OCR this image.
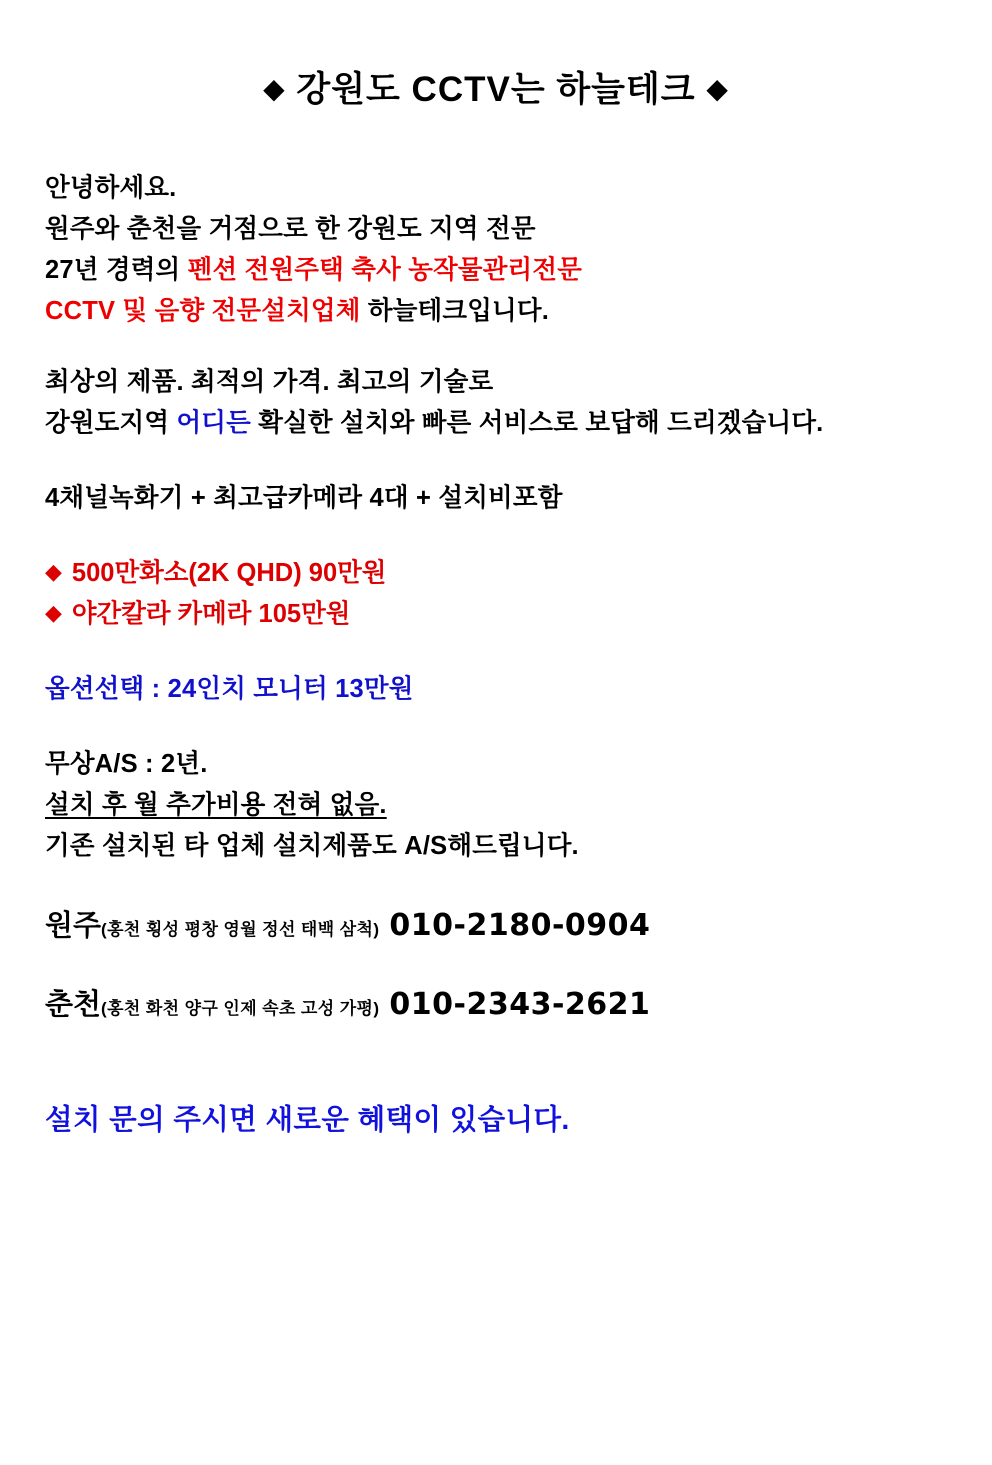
◆ 강원도 CCTV는 하늘테크 ◆
안녕하세요.
원주와 춘천을 거점으로 한 강원도 지역 전문
27년 경력의 펜션 전원주택 축사 농작물관리전문
CCTV 및 음향 전문설치업체 하늘테크입니다.
최상의 제품. 최적의 가격. 최고의 기술로
강원도지역 어디든 확실한 설치와 빠른 서비스로 보답해 드리겠습니다.
4채널녹화기 + 최고급카메라 4대 + 설치비포함
◆ 500만화소(2K QHD) 90만원
◆ 야간칼라 카메라 105만원
옵션선택 : 24인치 모니터 13만원
무상A/S : 2년.
설치 후 월 추가비용 전혀 없음.
기존 설치된 타 업체 설치제품도 A/S해드립니다.
원주(홍천 횡성 평창 영월 정선 태백 삼척) 010-2180-0904
춘천(홍천 화천 양구 인제 속초 고성 가평) 010-2343-2621
설치 문의 주시면 새로운 혜택이 있습니다.
